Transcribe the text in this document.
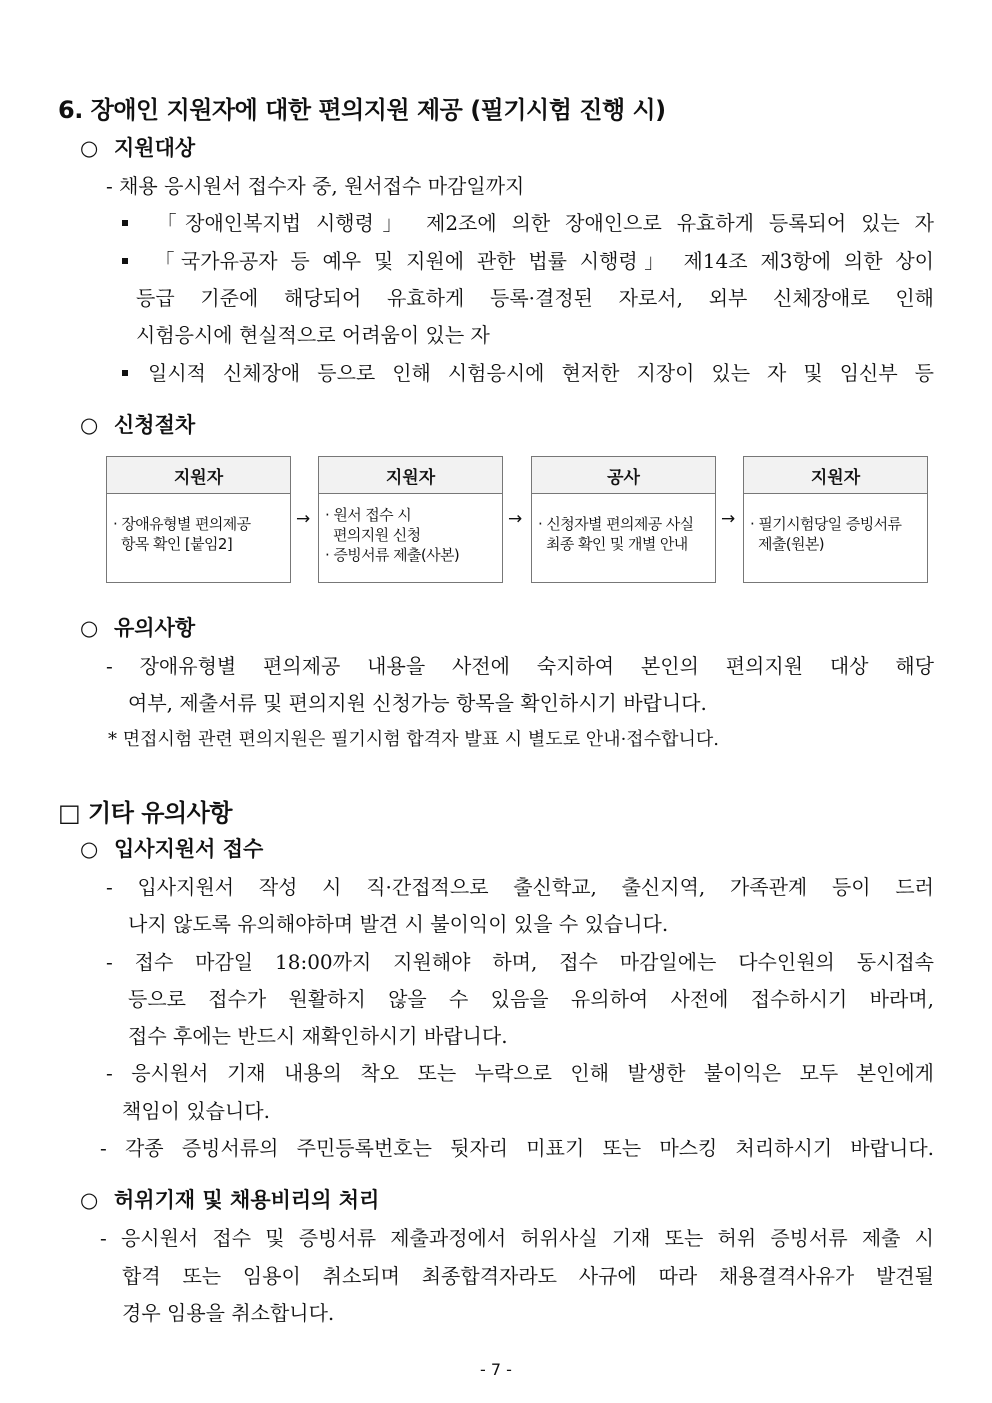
6. 장애인 지원자에 대한 편의지원 제공 (필기시험 진행 시)
○ 지원대상
- 채용 응시원서 접수자 중, 원서접수 마감일까지
「장애인복지법 시행령」 제2조에 의한 장애인으로 유효하게 등록되어 있는 자
「국가유공자 등 예우 및 지원에 관한 법률 시행령」 제14조 제3항에 의한 상이
등급 기준에 해당되어 유효하게 등록·결정된 자로서, 외부 신체장애로 인해
시험응시에 현실적으로 어려움이 있는 자
일시적 신체장애 등으로 인해 시험응시에 현저한 지장이 있는 자 및 임신부 등
○ 신청절차
지원자
· 장애유형별 편의제공
항목 확인 [붙임2]
→
지원자
· 원서 접수 시
편의지원 신청
· 증빙서류 제출(사본)
→
공사
· 신청자별 편의제공 사실
최종 확인 및 개별 안내
→
지원자
· 필기시험당일 증빙서류
제출(원본)
○ 유의사항
- 장애유형별 편의제공 내용을 사전에 숙지하여 본인의 편의지원 대상 해당
여부, 제출서류 및 편의지원 신청가능 항목을 확인하시기 바랍니다.
* 면접시험 관련 편의지원은 필기시험 합격자 발표 시 별도로 안내·접수합니다.
□ 기타 유의사항
○ 입사지원서 접수
- 입사지원서 작성 시 직·간접적으로 출신학교, 출신지역, 가족관계 등이 드러
나지 않도록 유의해야하며 발견 시 불이익이 있을 수 있습니다.
- 접수 마감일 18:00까지 지원해야 하며, 접수 마감일에는 다수인원의 동시접속
등으로 접수가 원활하지 않을 수 있음을 유의하여 사전에 접수하시기 바라며,
접수 후에는 반드시 재확인하시기 바랍니다.
- 응시원서 기재 내용의 착오 또는 누락으로 인해 발생한 불이익은 모두 본인에게
책임이 있습니다.
- 각종 증빙서류의 주민등록번호는 뒷자리 미표기 또는 마스킹 처리하시기 바랍니다.
○ 허위기재 및 채용비리의 처리
- 응시원서 접수 및 증빙서류 제출과정에서 허위사실 기재 또는 허위 증빙서류 제출 시
합격 또는 임용이 취소되며 최종합격자라도 사규에 따라 채용결격사유가 발견될
경우 임용을 취소합니다.
- 7 -
